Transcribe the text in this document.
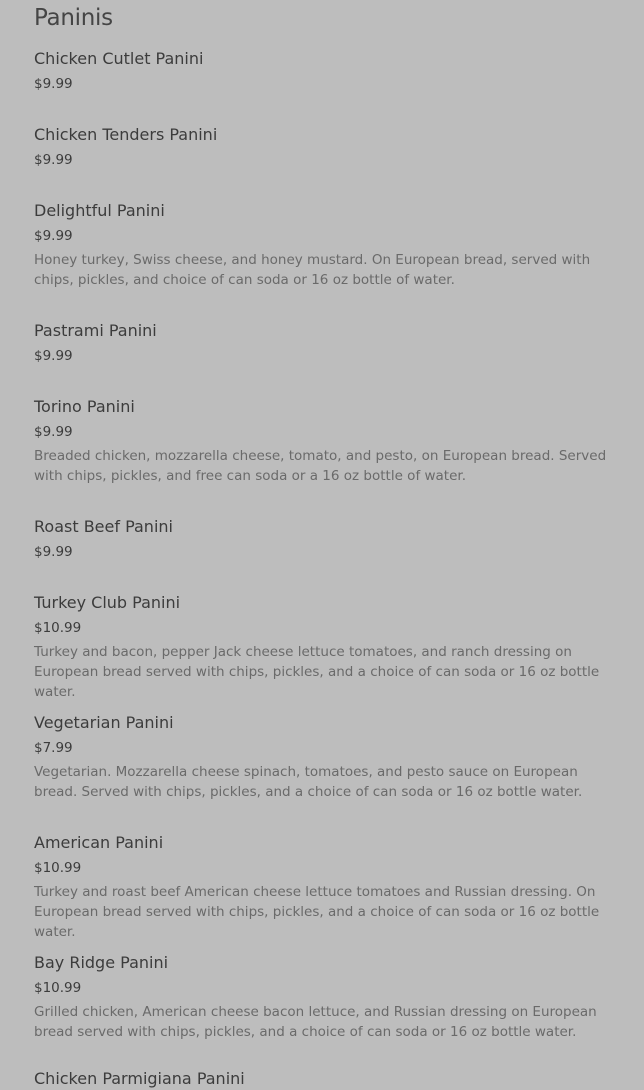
Paninis
Chicken Cutlet Panini
$9.99
Chicken Tenders Panini
$9.99
Delightful Panini
$9.99
Honey turkey, Swiss cheese, and honey mustard. On European bread, served with chips, pickles, and choice of can soda or 16 oz bottle of water.
Pastrami Panini
$9.99
Torino Panini
$9.99
Breaded chicken, mozzarella cheese, tomato, and pesto, on European bread. Served with chips, pickles, and free can soda or a 16 oz bottle of water.
Roast Beef Panini
$9.99
Turkey Club Panini
$10.99
Turkey and bacon, pepper Jack cheese lettuce tomatoes, and ranch dressing on European bread served with chips, pickles, and a choice of can soda or 16 oz bottle water.
Vegetarian Panini
$7.99
Vegetarian. Mozzarella cheese spinach, tomatoes, and pesto sauce on European bread. Served with chips, pickles, and a choice of can soda or 16 oz bottle water.
American Panini
$10.99
Turkey and roast beef American cheese lettuce tomatoes and Russian dressing. On European bread served with chips, pickles, and a choice of can soda or 16 oz bottle water.
Bay Ridge Panini
$10.99
Grilled chicken, American cheese bacon lettuce, and Russian dressing on European bread served with chips, pickles, and a choice of can soda or 16 oz bottle water.
Chicken Parmigiana Panini
